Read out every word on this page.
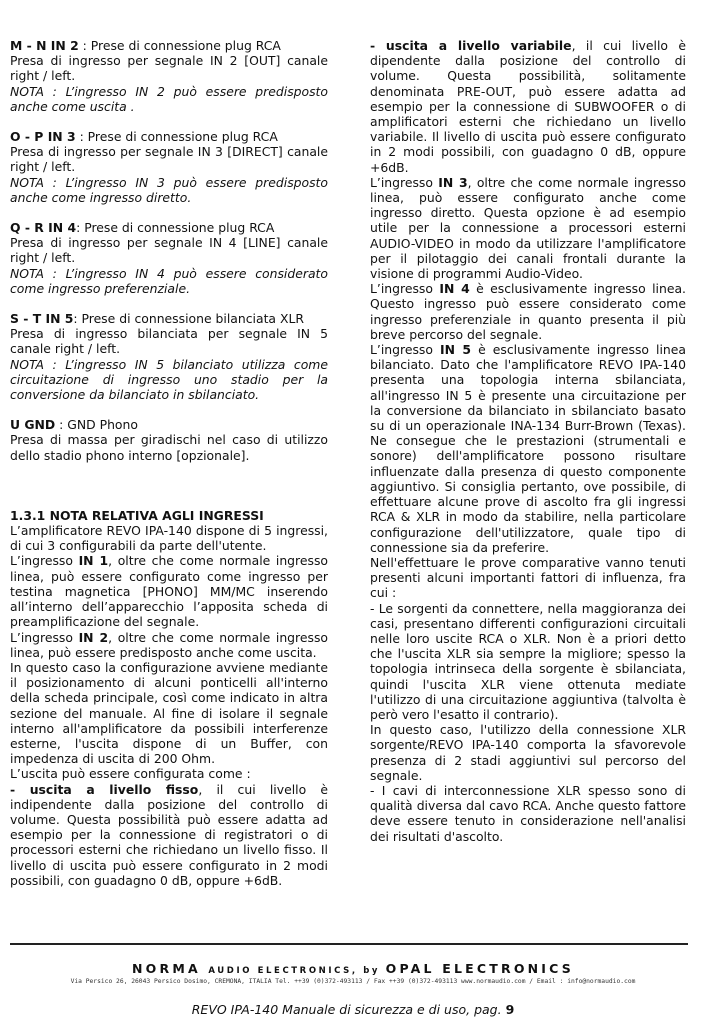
M - N IN 2 : Prese di connessione plug RCA

Presa di ingresso per segnale IN 2 [OUT] canale right / left.

NOTA : L’ingresso IN 2 può essere predisposto anche come uscita .

O - P IN 3 : Prese di connessione plug RCA

Presa di ingresso per segnale IN 3 [DIRECT] canale right / left.

NOTA : L’ingresso IN 3 può essere predisposto anche come ingresso diretto.

Q - R IN 4: Prese di connessione plug RCA

Presa di ingresso per segnale IN 4 [LINE] canale right / left.

NOTA : L’ingresso IN 4 può essere considerato come ingresso preferenziale.

S - T IN 5: Prese di connessione bilanciata XLR

Presa di ingresso bilanciata per segnale IN 5 canale right / left.

NOTA : L’ingresso IN 5 bilanciato utilizza come circuitazione di ingresso uno stadio per la conversione da bilanciato in sbilanciato.

U GND : GND Phono

Presa di massa per giradischi nel caso di utilizzo dello stadio phono interno [opzionale].

1.3.1 NOTA RELATIVA AGLI INGRESSI

L’amplificatore REVO IPA-140 dispone di 5 ingressi, di cui 3 configurabili da parte dell'utente.

L’ingresso IN 1, oltre che come normale ingresso linea, può essere configurato come ingresso per testina magnetica [PHONO] MM/MC inserendo all’interno dell’apparecchio l’apposita scheda di preamplificazione del segnale.

L’ingresso IN 2, oltre che come normale ingresso linea, può essere predisposto anche come uscita.

In questo caso la configurazione avviene mediante il posizionamento di alcuni ponticelli all'interno della scheda principale, così come indicato in altra sezione del manuale. Al fine di isolare il segnale interno all'amplificatore da possibili interferenze esterne, l'uscita dispone di un Buffer, con impedenza di uscita di 200 Ohm.

L’uscita può essere configurata come :

- uscita a livello fisso, il cui livello è indipendente dalla posizione del controllo di volume. Questa possibilità può essere adatta ad esempio per la connessione di registratori o di processori esterni che richiedano un livello fisso. Il livello di uscita può essere configurato in 2 modi possibili, con guadagno 0 dB, oppure +6dB.

- uscita a livello variabile, il cui livello è dipendente dalla posizione del controllo di volume. Questa possibilità, solitamente denominata PRE-OUT, può essere adatta ad esempio per la connessione di SUBWOOFER o di amplificatori esterni che richiedano un livello variabile. Il livello di uscita può essere configurato in 2 modi possibili, con guadagno 0 dB, oppure +6dB.

L’ingresso IN 3, oltre che come normale ingresso linea, può essere configurato anche come ingresso diretto. Questa opzione è ad esempio utile per la connessione a processori esterni AUDIO-VIDEO in modo da utilizzare l'amplificatore per il pilotaggio dei canali frontali durante la visione di programmi Audio-Video.

L’ingresso IN 4 è esclusivamente ingresso linea. Questo ingresso può essere considerato come ingresso preferenziale in quanto presenta il più breve percorso del segnale.

L’ingresso IN 5 è esclusivamente ingresso linea bilanciato. Dato che l'amplificatore REVO IPA-140 presenta una topologia interna sbilanciata, all'ingresso IN 5 è presente una circuitazione per la conversione da bilanciato in sbilanciato basato su di un operazionale INA-134 Burr-Brown (Texas). Ne consegue che le prestazioni (strumentali e sonore) dell'amplificatore possono risultare influenzate dalla presenza di questo componente aggiuntivo. Si consiglia pertanto, ove possibile, di effettuare alcune prove di ascolto fra gli ingressi RCA & XLR in modo da stabilire, nella particolare configurazione dell'utilizzatore, quale tipo di connessione sia da preferire.

Nell'effettuare le prove comparative vanno tenuti presenti alcuni importanti fattori di influenza, fra cui :

- Le sorgenti da connettere, nella maggioranza dei casi, presentano differenti configurazioni circuitali nelle loro uscite RCA o XLR. Non è a priori detto che l'uscita XLR sia sempre la migliore; spesso la topologia intrinseca della sorgente è sbilanciata, quindi l'uscita XLR viene ottenuta mediate l'utilizzo di una circuitazione aggiuntiva (talvolta è però vero l'esatto il contrario).

In questo caso, l'utilizzo della connessione XLR sorgente/REVO IPA-140 comporta la sfavorevole presenza di 2 stadi aggiuntivi sul percorso del segnale.

- I cavi di interconnessione XLR spesso sono di qualità diversa dal cavo RCA. Anche questo fattore deve essere tenuto in considerazione nell'analisi dei risultati d'ascolto.

NORMA AUDIO ELECTRONICS, by OPAL ELECTRONICS
Via Persico 26, 26043 Persico Dosimo, CREMONA, ITALIA Tel. ++39 (0)372-493113 / Fax ++39 (0)372-493113 www.normaudio.com / Email : info@normaudio.com
REVO IPA-140 Manuale di sicurezza e di uso, pag. 9
